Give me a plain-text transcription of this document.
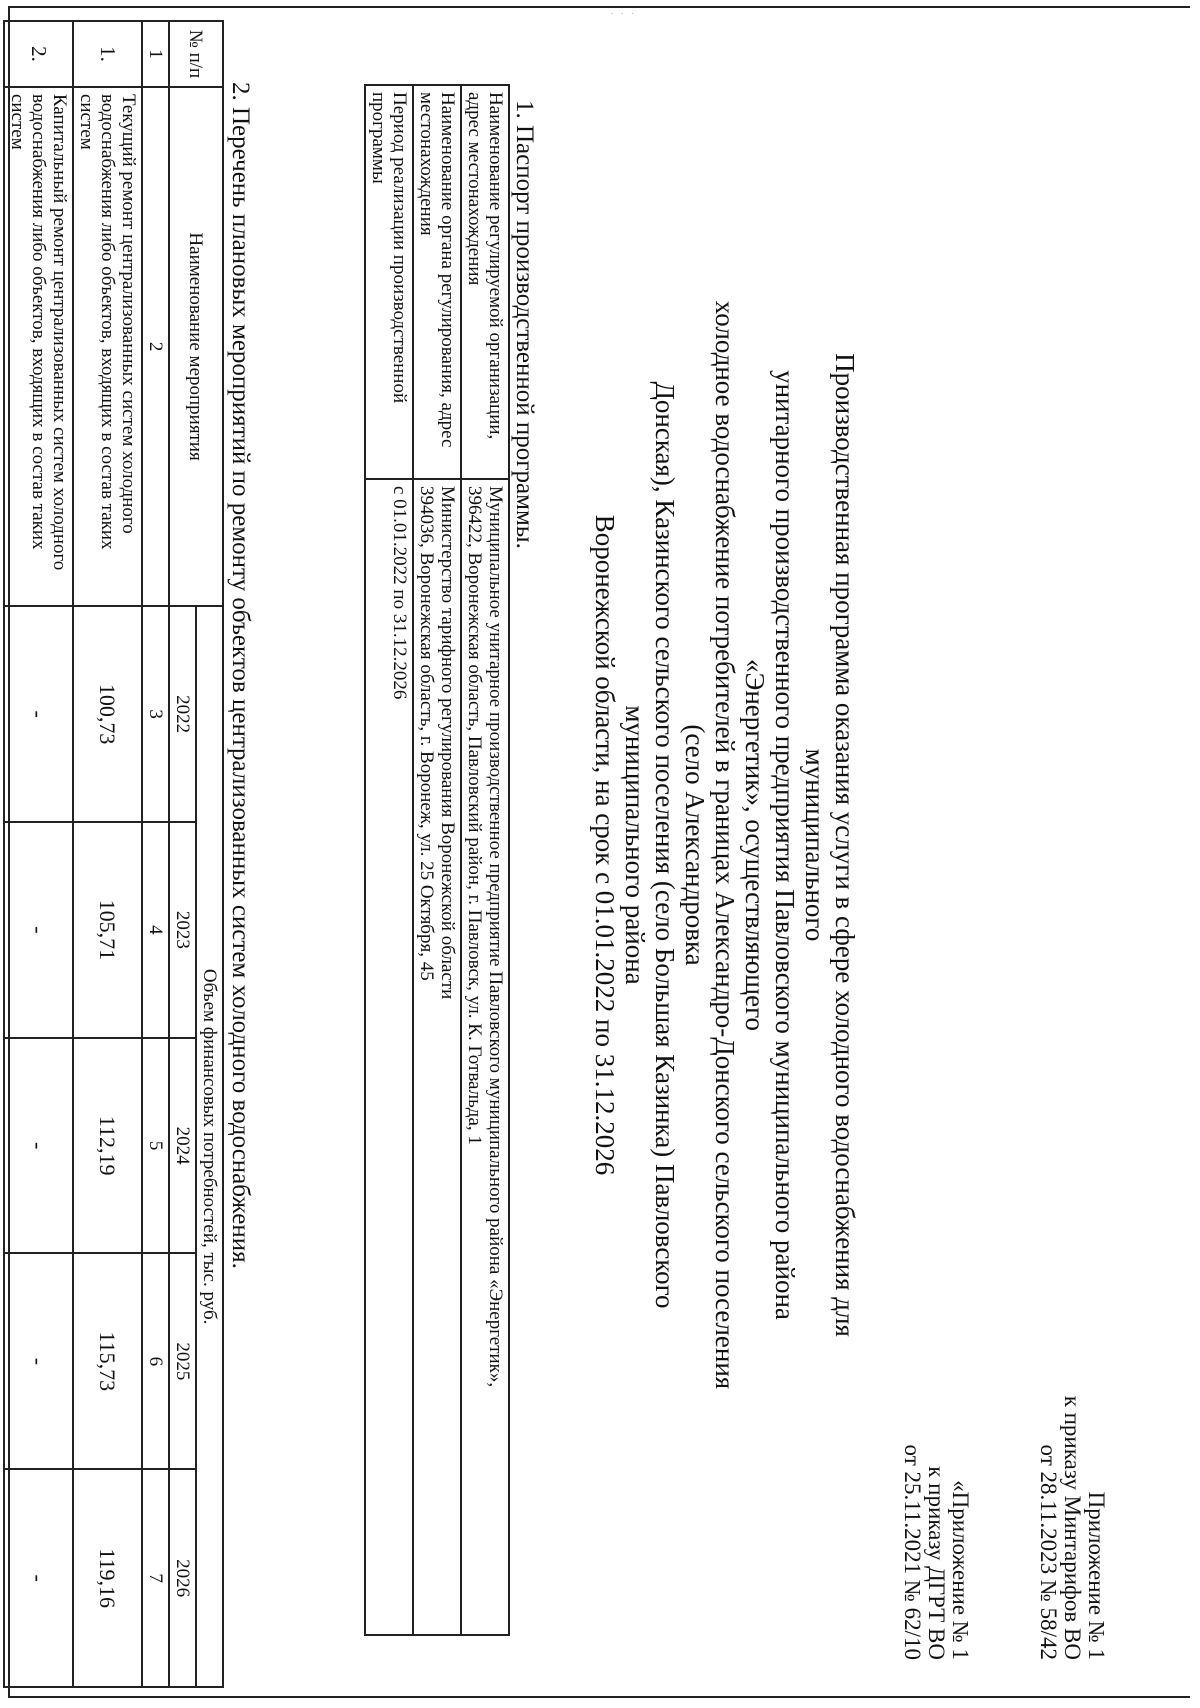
· · ·
Приложение № 1
к приказу Минтарифов ВО
от 28.11.2023 № 58/42
«Приложение № 1
к приказу ДГРТ ВО
от 25.11.2021 № 62/10
Производственная программа оказания услуги в сфере холодного водоснабжения для муниципального
унитарного производственного предприятия Павловского муниципального района «Энергетик», осуществляющего
холодное водоснабжение потребителей в границах Александро-Донского сельского поселения (село Александровка
Донская), Казинского сельского поселения (село Большая Казинка) Павловского муниципального района
Воронежской области, на срок с 01.01.2022 по 31.12.2026
1. Паспорт производственной программы.
Наименование регулируемой организации, адрес местонахождения	Муниципальное унитарное производственное предприятие Павловского муниципального района «Энергетик»,
396422, Воронежская область, Павловский район, г. Павловск, ул. К. Готвальда, 1

Наименование органа регулирования, адрес местонахождения	Министерство тарифного регулирования Воронежской области
394036, Воронежская область, г. Воронеж, ул. 25 Октября, 45

Период реализации производственной программы	с 01.01.2022 по 31.12.2026
2. Перечень плановых мероприятий по ремонту объектов централизованных систем холодного водоснабжения.
№ п/п	Наименование мероприятия	Объем финансовых потребностей, тыс. руб.				
		2022	2023	2024	2025	2026
1	2	3	4	5	6	7
1.	Текущий ремонт централизованных систем холодного водоснабжения либо объектов, входящих в состав таких систем	100,73	105,71	112,19	115,73	119,16
2.	Капитальный ремонт централизованных систем холодного водоснабжения либо объектов, входящих в состав таких систем	-	-	-	-	-
